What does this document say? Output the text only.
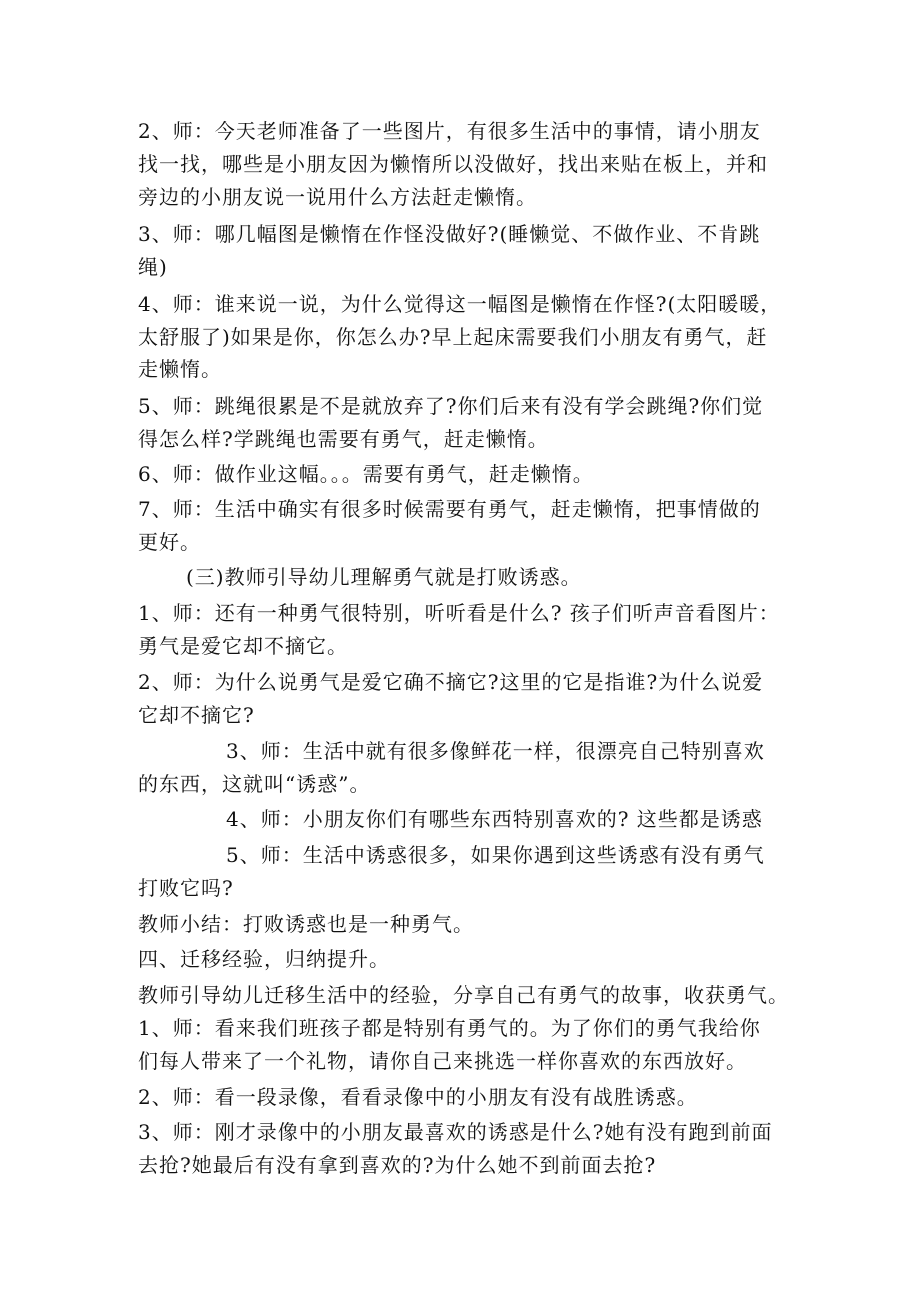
2、师：今天老师准备了一些图片，有很多生活中的事情，请小朋友
找一找，哪些是小朋友因为懒惰所以没做好，找出来贴在板上，并和
旁边的小朋友说一说用什么方法赶走懒惰。
3、师：哪几幅图是懒惰在作怪没做好?(睡懒觉、不做作业、不肯跳
绳)
4、师：谁来说一说，为什么觉得这一幅图是懒惰在作怪?(太阳暖暖，
太舒服了)如果是你，你怎么办?早上起床需要我们小朋友有勇气，赶
走懒惰。
5、师：跳绳很累是不是就放弃了?你们后来有没有学会跳绳?你们觉
得怎么样?学跳绳也需要有勇气，赶走懒惰。
6、师：做作业这幅。。。需要有勇气，赶走懒惰。
7、师：生活中确实有很多时候需要有勇气，赶走懒惰，把事情做的
更好。
(三)教师引导幼儿理解勇气就是打败诱惑。
1、师：还有一种勇气很特别，听听看是什么? 孩子们听声音看图片：
勇气是爱它却不摘它。
2、师：为什么说勇气是爱它确不摘它?这里的它是指谁?为什么说爱
它却不摘它?
3、师：生活中就有很多像鲜花一样，很漂亮自己特别喜欢
的东西，这就叫“诱惑”。
4、师：小朋友你们有哪些东西特别喜欢的? 这些都是诱惑
5、师：生活中诱惑很多，如果你遇到这些诱惑有没有勇气
打败它吗?
教师小结：打败诱惑也是一种勇气。
四、迁移经验，归纳提升。
教师引导幼儿迁移生活中的经验，分享自己有勇气的故事，收获勇气。
1、师：看来我们班孩子都是特别有勇气的。为了你们的勇气我给你
们每人带来了一个礼物，请你自己来挑选一样你喜欢的东西放好。
2、师：看一段录像，看看录像中的小朋友有没有战胜诱惑。
3、师：刚才录像中的小朋友最喜欢的诱惑是什么?她有没有跑到前面
去抢?她最后有没有拿到喜欢的?为什么她不到前面去抢?
